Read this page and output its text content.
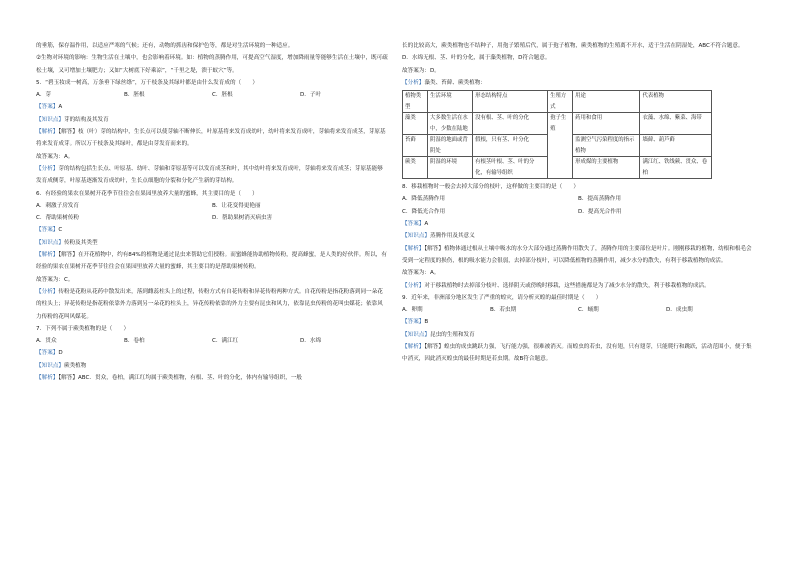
的垂筋，保存温作用，以适应严寒的气候；还有，动物的抓齿和保护色等，都是对生活环境的一种适应。

②生物对环境的影响：生物生活在土壤中，也会影响着环境。如：植物的蒸腾作用，可提高空气湿度，增加降雨量等能够生活在土壤中，既可疏松土壤，又可增加土壤肥力；又如“大树底下好乘凉”，“千里之堤，溃于蚁穴”等。

5．“碧玉妆成一树高，万条垂下绿丝绦”，万千枝条及其绿叶都是由什么发育成的（　　）

A．芽	B．胚根	C．胚根	D．子叶

【答案】A

【知识点】芽的结构及其发育

【解析】【解答】枝（叶）芽的结构中，生长点可以使芽轴不断伸长，叶原基将来发育成幼叶，幼叶将来发育成叶，芽轴将来发育成茎，芽原基将来发育成芽。所以万千枝条及其绿叶，都是由芽发育而来的。

故答案为：A。

【分析】芽的结构包括生长点、叶原基、幼叶、芽轴和芽原基等可以发育成茎和叶，其中幼叶将来发育成叶，芽轴将来发育成茎；芽原基能够发育成侧芽，叶原基逐渐发育成幼叶，生长点细胞的分裂和分化产生新的芽结构。

6．有经验的果农在果树开花季节往往会在果园里放养大量的蜜蜂，其主要目的是（　　）

A．刺激子房发育	B．让花变得更艳丽
C．帮助果树传粉	D．帮助果树消灭病虫害

【答案】C

【知识点】传粉及其类型

【解析】【解答】在开花植物中，约有84%的植物是通过昆虫来帮助它们授粉。而蜜蜂能协助植物传粉，提高蜂蜜，是人类的好伙伴。所以，有经验的果农在果树开花季节往往会在果园里放养大量的蜜蜂，其主要目的是帮助果树传粉。

故答案为：C。

【分析】传粉是花粉从花药中散发出来，落到雌蕊柱头上的过程，传粉方式有自花传粉和异花传粉两种方式。自花传粉是指花粉落到同一朵花的柱头上；异花传粉是指花粉依靠外力落到另一朵花的柱头上，异花传粉依靠的外力主要有昆虫和风力，依靠昆虫传粉的花叫虫媒花；依靠风力传粉的花叫风媒花。

7．下列不属于蕨类植物的是（　　）

A．贯众	B．卷柏	C．满江红	D．水绵

【答案】D

【知识点】蕨类植物

【解析】【解答】ABC．贯众，卷柏，满江红均属于蕨类植物，有根、茎、叶的分化，体内有输导组织，一般

长的比较高大，蕨类植物也不结种子，用孢子繁殖后代，属于孢子植物，蕨类植物的生殖离不开水，适于生活在阴湿处，ABC不符合题意。

D．水绵无根、茎、叶的分化，属于藻类植物，D符合题意。

故答案为：D。

【分析】藻类、苔藓、蕨类植物：

植物类型	生活环境	形态结构特点	生殖方式	用途	代表植物
藻类	大多数生活在水中，少数在陆地	没有根、茎、叶的分化	孢子生殖	药用和食用	衣藻、水绵、紫菜、海带
苔藓	阴湿的地面或背阴处	假根，只有茎、叶分化		监测空气污染程度的指示植物	墙藓、葫芦藓
蕨类	阴湿的环境	有根茎叶根、茎、叶的分化，有输导组织		形成煤的主要植物	满江红、铁线蕨、贯众、卷柏

8．移栽植物时一般会去掉大部分的枝叶，这样做的主要目的是（　　）

A．降低蒸腾作用	B．提高蒸腾作用
C．降低光合作用	D．提高光合作用

【答案】A

【知识点】蒸腾作用及其意义

【解析】【解答】植物体通过根从土壤中吸水的水分大部分通过蒸腾作用散失了，蒸腾作用的主要部位是叶片。刚刚移栽的植物，幼根和根毛会受到一定程度的损伤，根的吸水能力会很弱，去掉部分枝叶，可以降低植物的蒸腾作用，减少水分的散失，有利于移栽植物的成活。

故答案为：A。

【分析】对于移栽植物时去掉部分枝叶、选择阴天或傍晚时移栽，这些措施都是为了减少水分的散失，利于移栽植物的成活。

9．近年来，非洲部分地区发生了严重的蝗灾，请分析灭蝗的最佳时期是（　　）

A．卵期	B．若虫期	C．蛹期	D．成虫期

【答案】B

【知识点】昆虫的生殖和发育

【解析】【解答】蝗虫的成虫跳跃力强，飞行能力强，很难被消灭。而蝗虫的若虫，没有翅，只有翅芽，只能爬行和跳跃，活动范围小，便于集中消灭，因此消灭蝗虫的最佳时期是若虫期。故B符合题意。
